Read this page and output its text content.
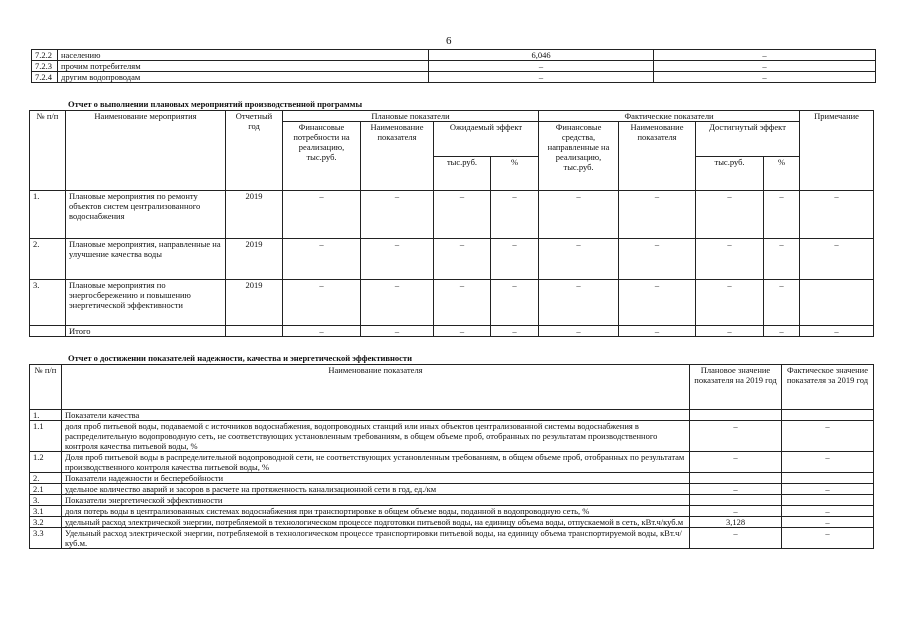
6
7.2.2	населению	6,046	–
7.2.3	прочим потребителям	–	–
7.2.4	другим водопроводам	–	–
Отчет о выполнении плановых мероприятий производственной программы
№ п/п	Наименование мероприятия	Отчетный год	Плановые показатели				Фактические показатели				Примечание	
			Финансовые потребности на реализацию, тыс.руб.	Наименование показателя	Ожидаемый эффект		Финансовые средства, направленные на реализацию, тыс.руб.	Наименование показателя	Достигнутый эффект			
					тыс.руб.	%			тыс.руб.	%		
1.	Плановые мероприятия по ремонту объектов систем централизованного водоснабжения	2019	–	–	–	–	–	–	–	–	–	
2.	Плановые мероприятия, направленные на улучшение качества воды	2019	–	–	–	–	–	–	–	–	–	
3.	Плановые мероприятия по энергосбережению и повышению энергетической эффективности	2019	–	–	–	–	–	–	–	–		
	Итого		–	–	–	–	–	–	–	–	–	
Отчет о достижении показателей надежности, качества и энергетической эффективности
№ п/п	Наименование показателя	Плановое значение показателя на 2019 год	Фактическое значение показателя за 2019 год
1.	Показатели качества		
1.1	доля проб питьевой воды, подаваемой с источников водоснабжения, водопроводных станций или иных объектов централизованной системы водоснабжения в распределительную водопроводную сеть, не соответствующих установленным требованиям, в общем объеме проб, отобранных по результатам производственного контроля качества питьевой воды, %	–	–
1.2	Доля проб питьевой воды в распределительной водопроводной сети, не соответствующих установленным требованиям, в общем объеме проб, отобранных по результатам производственного контроля качества питьевой воды, %	–	–
2.	Показатели надежности и бесперебойности		
2.1	удельное количество аварий и засоров в расчете на протяженность канализационной сети в год, ед./км	–	–
3.	Показатели энергетической эффективности		
3.1	доля потерь воды в централизованных системах водоснабжения при транспортировке в общем объеме воды, поданной в водопроводную сеть, %	–	–
3.2	удельный расход электрической энергии, потребляемой в технологическом процессе подготовки питьевой воды, на единицу объема воды, отпускаемой в сеть, кВт.ч/куб.м	3,128	–
3.3	Удельный расход электрической энергии, потребляемой в технологическом процессе транспортировки питьевой воды, на единицу объема транспортируемой воды, кВт.ч/куб.м.	–	–
